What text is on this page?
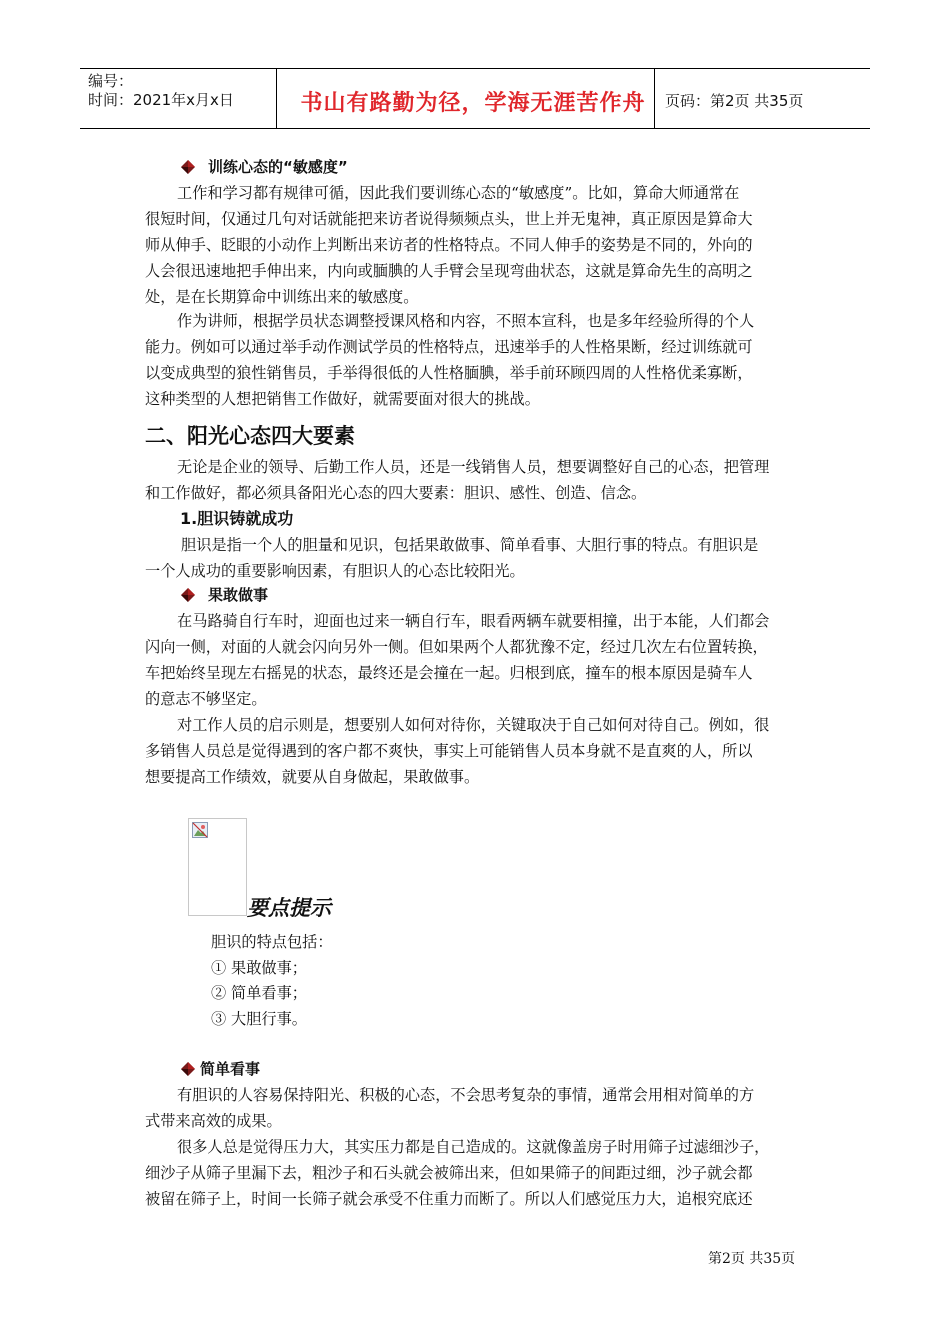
编号：
时间：2021年x月x日	书山有路勤为径，学海无涯苦作舟	页码：第2页 共35页
训练心态的“敏感度”
工作和学习都有规律可循，因此我们要训练心态的“敏感度”。比如，算命大师通常在
很短时间，仅通过几句对话就能把来访者说得频频点头，世上并无鬼神，真正原因是算命大
师从伸手、眨眼的小动作上判断出来访者的性格特点。不同人伸手的姿势是不同的，外向的
人会很迅速地把手伸出来，内向或腼腆的人手臂会呈现弯曲状态，这就是算命先生的高明之
处，是在长期算命中训练出来的敏感度。
作为讲师，根据学员状态调整授课风格和内容，不照本宣科，也是多年经验所得的个人
能力。例如可以通过举手动作测试学员的性格特点，迅速举手的人性格果断，经过训练就可
以变成典型的狼性销售员，手举得很低的人性格腼腆，举手前环顾四周的人性格优柔寡断，
这种类型的人想把销售工作做好，就需要面对很大的挑战。
二、阳光心态四大要素
无论是企业的领导、后勤工作人员，还是一线销售人员，想要调整好自己的心态，把管理
和工作做好，都必须具备阳光心态的四大要素：胆识、感性、创造、信念。
1.胆识铸就成功
胆识是指一个人的胆量和见识，包括果敢做事、简单看事、大胆行事的特点。有胆识是
一个人成功的重要影响因素，有胆识人的心态比较阳光。
果敢做事
在马路骑自行车时，迎面也过来一辆自行车，眼看两辆车就要相撞，出于本能，人们都会
闪向一侧，对面的人就会闪向另外一侧。但如果两个人都犹豫不定，经过几次左右位置转换，
车把始终呈现左右摇晃的状态，最终还是会撞在一起。归根到底，撞车的根本原因是骑车人
的意志不够坚定。
对工作人员的启示则是，想要别人如何对待你，关键取决于自己如何对待自己。例如，很
多销售人员总是觉得遇到的客户都不爽快，事实上可能销售人员本身就不是直爽的人，所以
想要提高工作绩效，就要从自身做起，果敢做事。
要点提示
胆识的特点包括：
① 果敢做事；
② 简单看事；
③ 大胆行事。
简单看事
有胆识的人容易保持阳光、积极的心态，不会思考复杂的事情，通常会用相对简单的方
式带来高效的成果。
很多人总是觉得压力大，其实压力都是自己造成的。这就像盖房子时用筛子过滤细沙子，
细沙子从筛子里漏下去，粗沙子和石头就会被筛出来，但如果筛子的间距过细，沙子就会都
被留在筛子上，时间一长筛子就会承受不住重力而断了。所以人们感觉压力大，追根究底还
第2页 共35页
